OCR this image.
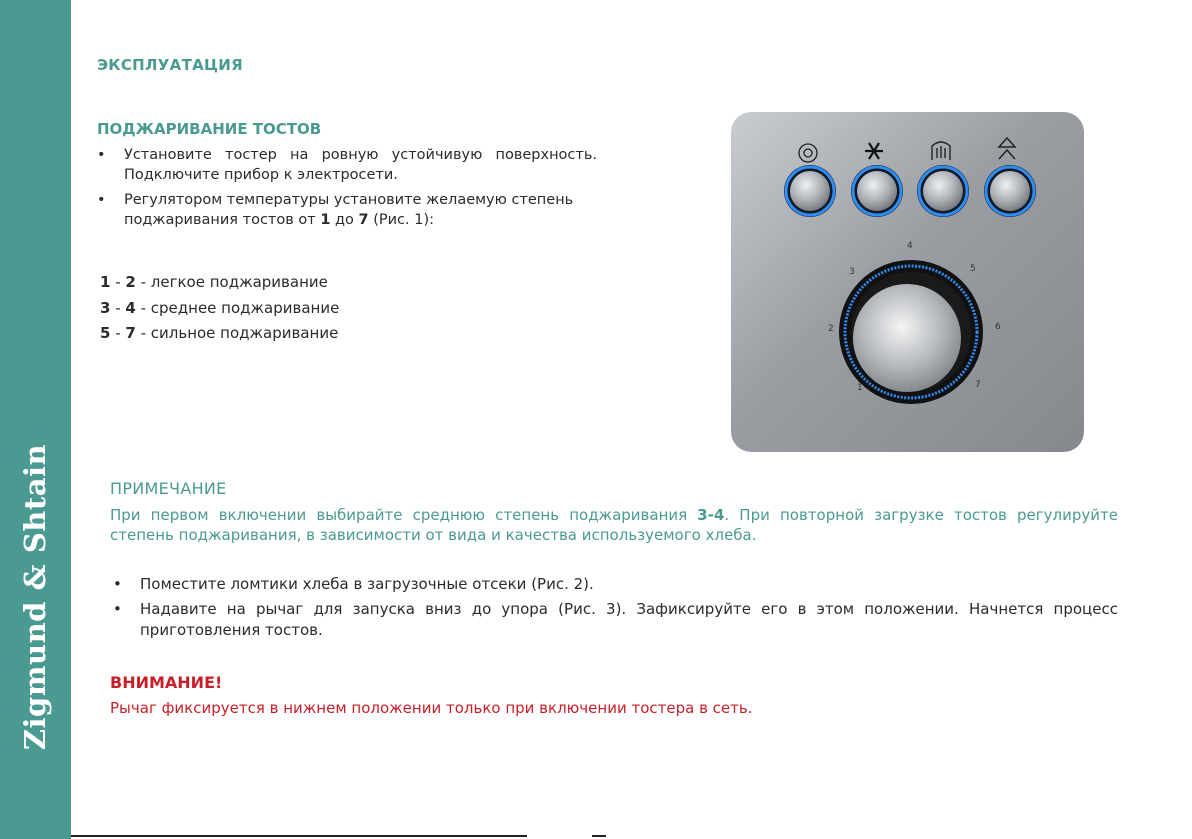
Zigmund & Shtain
ЭКСПЛУАТАЦИЯ
ПОДЖАРИВАНИЕ ТОСТОВ
• Установите тостер на ровную устойчивую поверхность. Подключите прибор к электросети.
• Регулятором температуры установите желаемую степень поджаривания тостов от 1 до 7 (Рис. 1):
1 - 2 - легкое поджаривание
3 - 4 - среднее поджаривание
5 - 7 - сильное поджаривание
1
2
3
4
5
6
7
ПРИМЕЧАНИЕ
При первом включении выбирайте среднюю степень поджаривания 3-4. При повторной загрузке тостов регулируйте степень поджаривания, в зависимости от вида и качества используемого хлеба.
• Поместите ломтики хлеба в загрузочные отсеки (Рис. 2).
• Надавите на рычаг для запуска вниз до упора (Рис. 3). Зафиксируйте его в этом положении. Начнется процесс приготовления тостов.
ВНИМАНИЕ!
Рычаг фиксируется в нижнем положении только при включении тостера в сеть.
